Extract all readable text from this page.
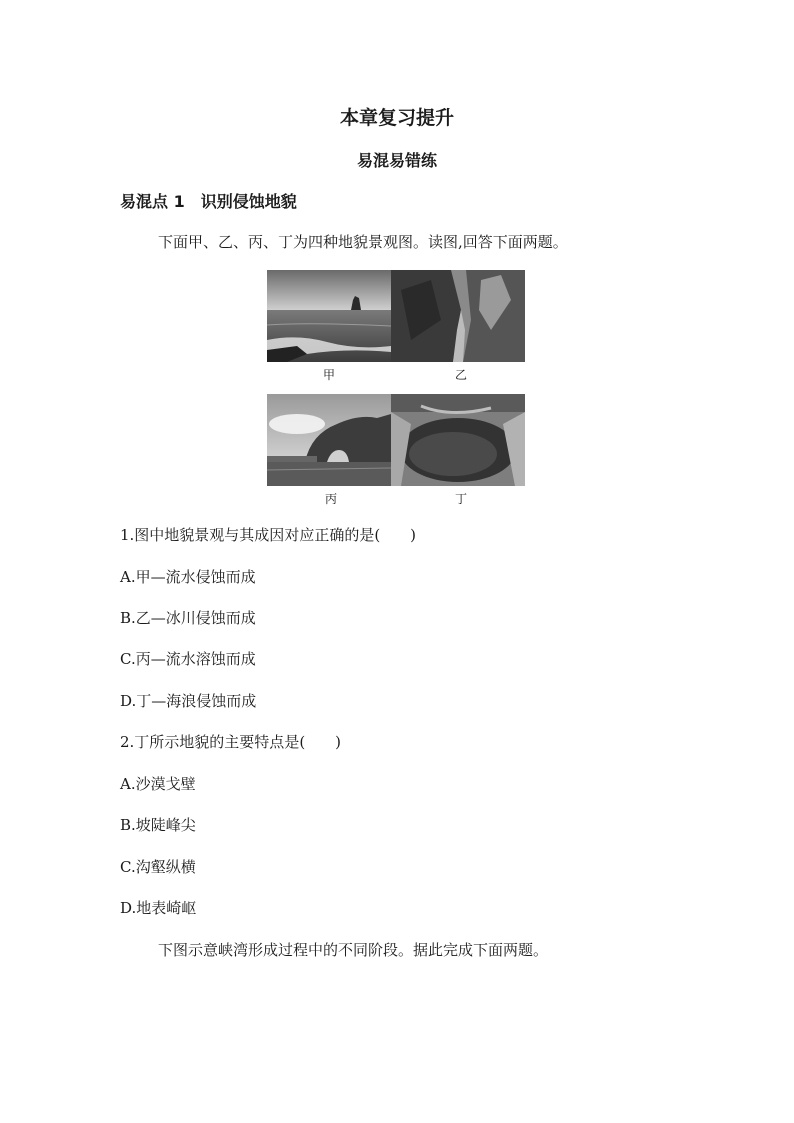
本章复习提升
易混易错练
易混点 1　识别侵蚀地貌
下面甲、乙、丙、丁为四种地貌景观图。读图,回答下面两题。
甲	乙
丙	丁
1.图中地貌景观与其成因对应正确的是(　　)
A.甲—流水侵蚀而成
B.乙—冰川侵蚀而成
C.丙—流水溶蚀而成
D.丁—海浪侵蚀而成
2.丁所示地貌的主要特点是(　　)
A.沙漠戈壁
B.坡陡峰尖
C.沟壑纵横
D.地表崎岖
下图示意峡湾形成过程中的不同阶段。据此完成下面两题。
